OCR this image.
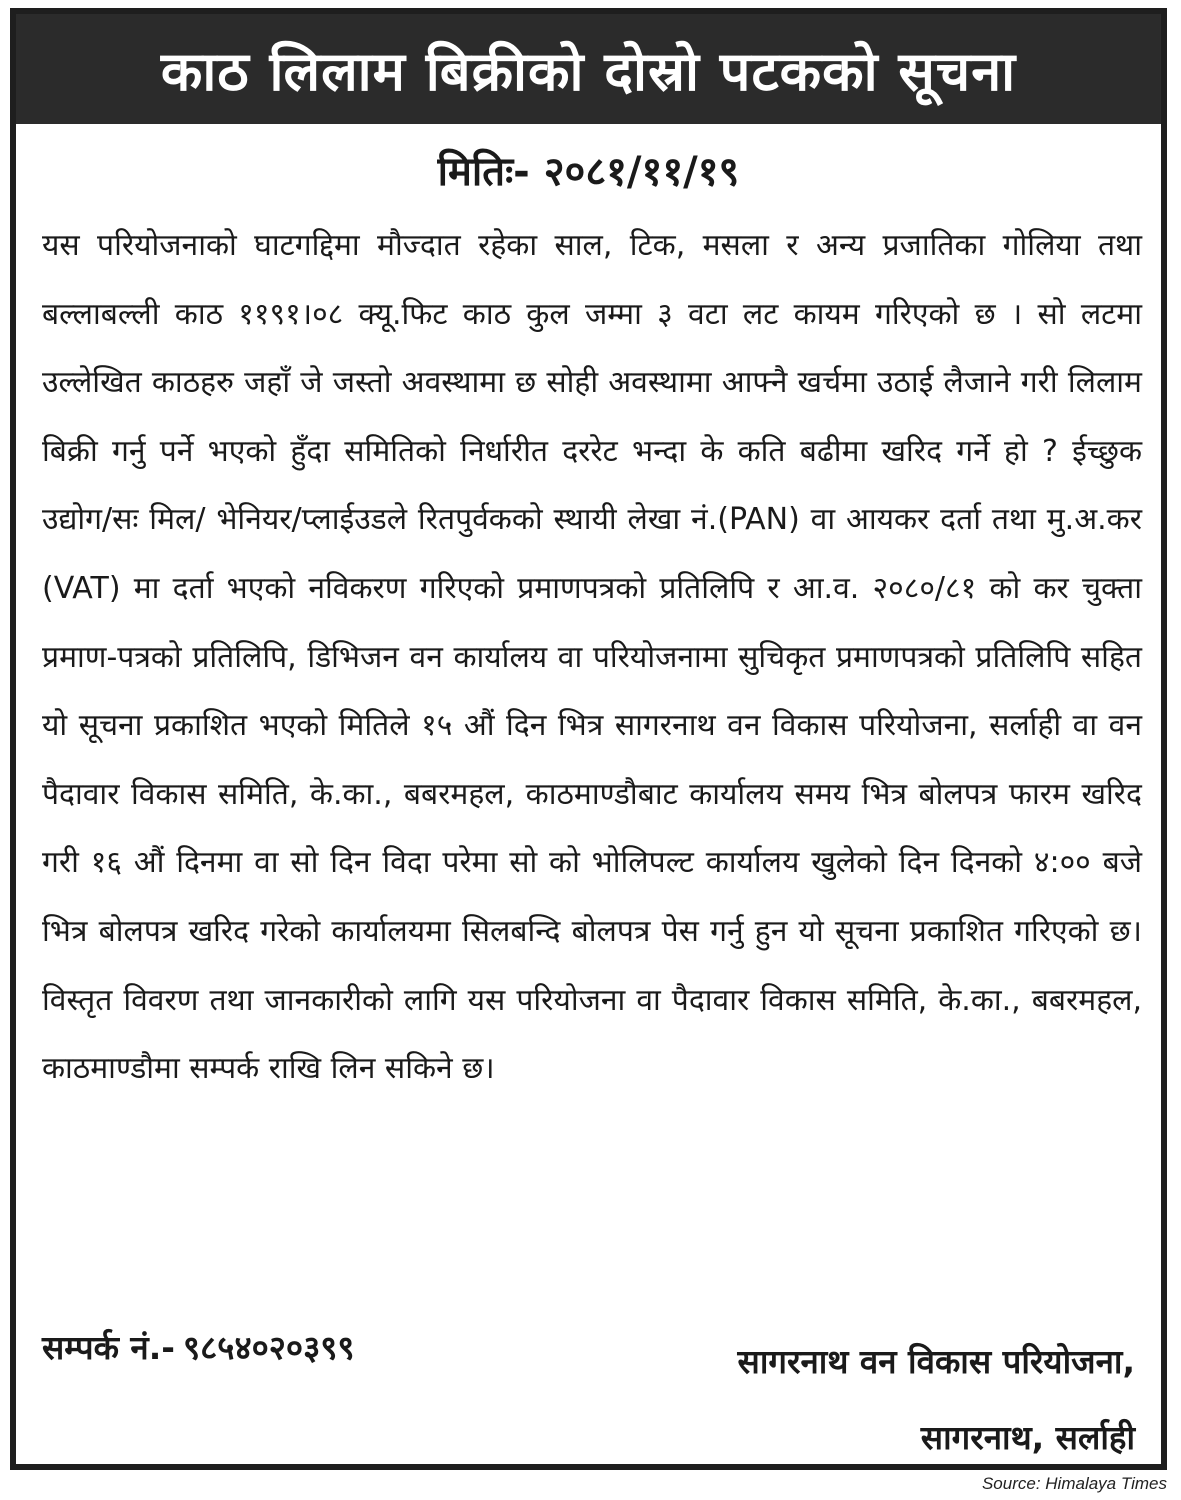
काठ लिलाम बिक्रीको दोस्रो पटकको सूचना
मितिः- २०८१/११/१९

यस परियोजनाको घाटगद्दिमा मौज्दात रहेका साल, टिक, मसला र अन्य प्रजातिका गोलिया तथा बल्लाबल्ली काठ ११९१।०८ क्यू.फिट काठ कुल जम्मा ३ वटा लट कायम गरिएको छ । सो लटमा उल्लेखित काठहरु जहाँ जे जस्तो अवस्थामा छ सोही अवस्थामा आफ्नै खर्चमा उठाई लैजाने गरी लिलाम बिक्री गर्नु पर्ने भएको हुँदा समितिको निर्धारीत दररेट भन्दा के कति बढीमा खरिद गर्ने हो ? ईच्छुक उद्योग/सः मिल/ भेनियर/प्लाईउडले रितपुर्वकको स्थायी लेखा नं.(PAN) वा आयकर दर्ता तथा मु.अ.कर (VAT) मा दर्ता भएको नविकरण गरिएको प्रमाणपत्रको प्रतिलिपि र आ.व. २०८०/८१ को कर चुक्ता प्रमाण-पत्रको प्रतिलिपि, डिभिजन वन कार्यालय वा परियोजनामा सुचिकृत प्रमाणपत्रको प्रतिलिपि सहित यो सूचना प्रकाशित भएको मितिले १५ औं दिन भित्र सागरनाथ वन विकास परियोजना, सर्लाही वा वन पैदावार विकास समिति, के.का., बबरमहल, काठमाण्डौबाट कार्यालय समय भित्र बोलपत्र फारम खरिद गरी १६ औं दिनमा वा सो दिन विदा परेमा सो को भोलिपल्ट कार्यालय खुलेको दिन दिनको ४:०० बजे भित्र बोलपत्र खरिद गरेको कार्यालयमा सिलबन्दि बोलपत्र पेस गर्नु हुन यो सूचना प्रकाशित गरिएको छ। विस्तृत विवरण तथा जानकारीको लागि यस परियोजना वा पैदावार विकास समिति, के.का., बबरमहल, काठमाण्डौमा सम्पर्क राखि लिन सकिने छ।

सम्पर्क नं.- ९८५४०२०३९९	सागरनाथ वन विकास परियोजना,
सागरनाथ, सर्लाही
Source: Himalaya Times
